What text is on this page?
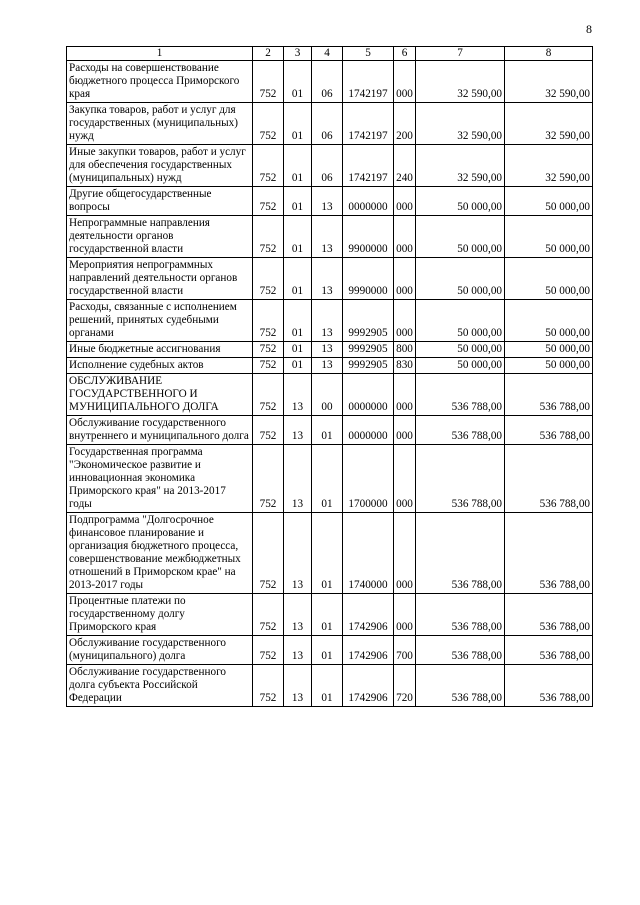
8
1	2	3	4	5	6	7	8
Расходы на совершенствование бюджетного процесса Приморского края	752	01	06	1742197	000	32 590,00	32 590,00
Закупка товаров, работ и услуг для государственных (муниципальных) нужд	752	01	06	1742197	200	32 590,00	32 590,00
Иные закупки товаров, работ и услуг для обеспечения государственных (муниципальных) нужд	752	01	06	1742197	240	32 590,00	32 590,00
Другие общегосударственные вопросы	752	01	13	0000000	000	50 000,00	50 000,00
Непрограммные направления деятельности органов государственной власти	752	01	13	9900000	000	50 000,00	50 000,00
Мероприятия непрограммных направлений деятельности органов государственной власти	752	01	13	9990000	000	50 000,00	50 000,00
Расходы, связанные с исполнением решений, принятых судебными органами	752	01	13	9992905	000	50 000,00	50 000,00
Иные бюджетные ассигнования	752	01	13	9992905	800	50 000,00	50 000,00
Исполнение судебных актов	752	01	13	9992905	830	50 000,00	50 000,00
ОБСЛУЖИВАНИЕ ГОСУДАРСТВЕННОГО И МУНИЦИПАЛЬНОГО ДОЛГА	752	13	00	0000000	000	536 788,00	536 788,00
Обслуживание государственного внутреннего и муниципального долга	752	13	01	0000000	000	536 788,00	536 788,00
Государственная программа "Экономическое развитие и инновационная экономика Приморского края" на 2013-2017 годы	752	13	01	1700000	000	536 788,00	536 788,00
Подпрограмма "Долгосрочное финансовое планирование и организация бюджетного процесса, совершенствование межбюджетных отношений в Приморском крае" на 2013-2017 годы	752	13	01	1740000	000	536 788,00	536 788,00
Процентные платежи по государственному долгу Приморского края	752	13	01	1742906	000	536 788,00	536 788,00
Обслуживание государственного (муниципального) долга	752	13	01	1742906	700	536 788,00	536 788,00
Обслуживание государственного долга субъекта Российской Федерации	752	13	01	1742906	720	536 788,00	536 788,00
